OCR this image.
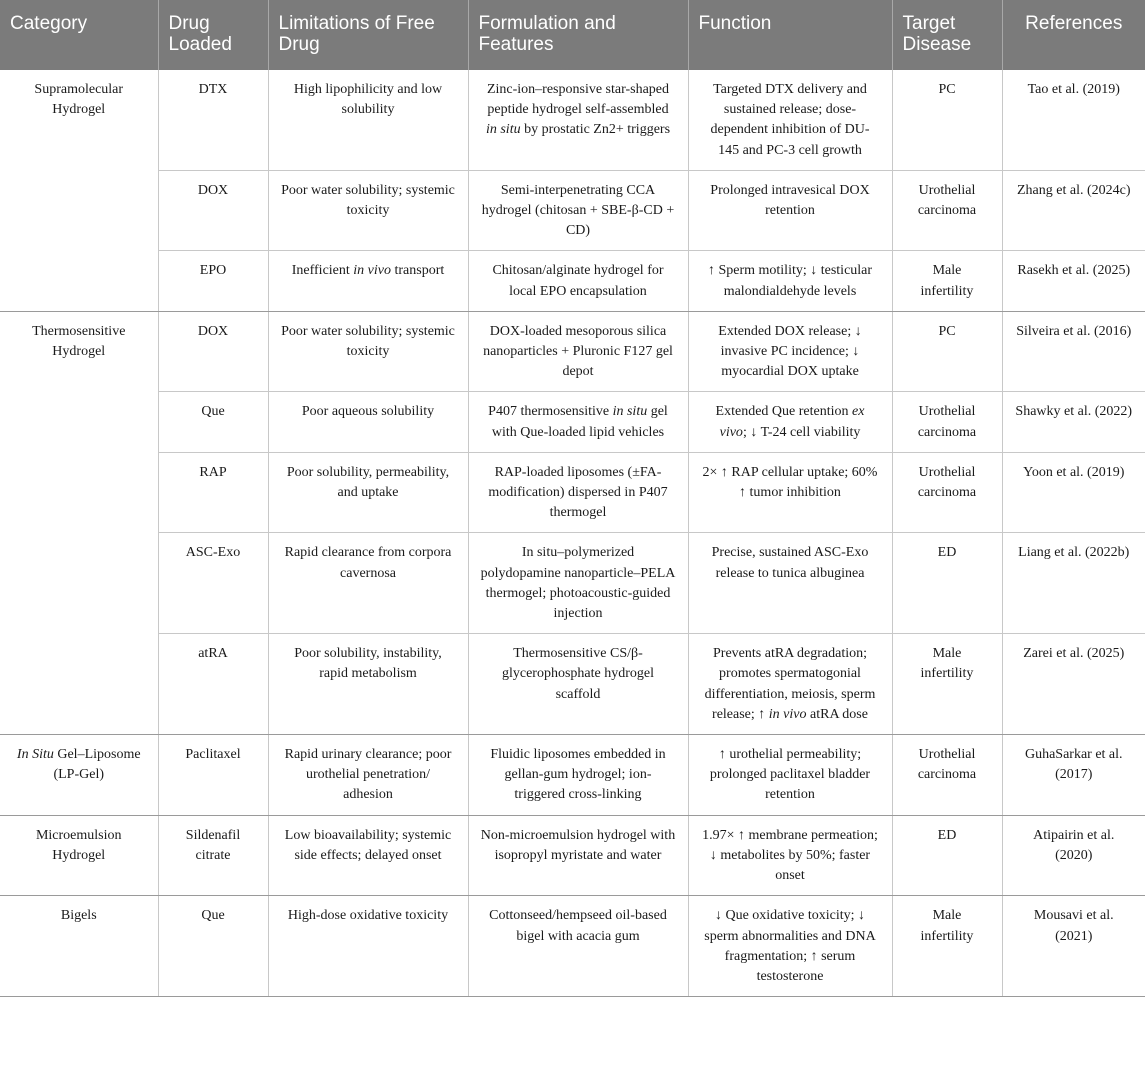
Category	Drug Loaded	Limitations of Free Drug	Formulation and Features	Function	Target Disease	References
Supramolecular Hydrogel	DTX	High lipophilicity and low solubility	Zinc-ion–responsive star-shaped peptide hydrogel self-assembled in situ by prostatic Zn2+ triggers	Targeted DTX delivery and sustained release; dose-dependent inhibition of DU-145 and PC-3 cell growth	PC	Tao et al. (2019)
	DOX	Poor water solubility; systemic toxicity	Semi-interpenetrating CCA hydrogel (chitosan + SBE-β-CD + CD)	Prolonged intravesical DOX retention	Urothelial carcinoma	Zhang et al. (2024c)
	EPO	Inefficient in vivo transport	Chitosan/alginate hydrogel for local EPO encapsulation	↑ Sperm motility; ↓ testicular malondialdehyde levels	Male infertility	Rasekh et al. (2025)
Thermosensitive Hydrogel	DOX	Poor water solubility; systemic toxicity	DOX-loaded mesoporous silica nanoparticles + Pluronic F127 gel depot	Extended DOX release; ↓ invasive PC incidence; ↓ myocardial DOX uptake	PC	Silveira et al. (2016)
	Que	Poor aqueous solubility	P407 thermosensitive in situ gel with Que-loaded lipid vehicles	Extended Que retention ex vivo; ↓ T-24 cell viability	Urothelial carcinoma	Shawky et al. (2022)
	RAP	Poor solubility, permeability, and uptake	RAP-loaded liposomes (±FA-modification) dispersed in P407 thermogel	2× ↑ RAP cellular uptake; 60% ↑ tumor inhibition	Urothelial carcinoma	Yoon et al. (2019)
	ASC-Exo	Rapid clearance from corpora cavernosa	In situ–polymerized polydopamine nanoparticle–PELA thermogel; photoacoustic-guided injection	Precise, sustained ASC-Exo release to tunica albuginea	ED	Liang et al. (2022b)
	atRA	Poor solubility, instability, rapid metabolism	Thermosensitive CS/β-glycerophosphate hydrogel scaffold	Prevents atRA degradation; promotes spermatogonial differentiation, meiosis, sperm release; ↑ in vivo atRA dose	Male infertility	Zarei et al. (2025)
In Situ Gel–Liposome (LP-Gel)	Paclitaxel	Rapid urinary clearance; poor urothelial penetration/ adhesion	Fluidic liposomes embedded in gellan-gum hydrogel; ion-triggered cross-linking	↑ urothelial permeability; prolonged paclitaxel bladder retention	Urothelial carcinoma	GuhaSarkar et al. (2017)
Microemulsion Hydrogel	Sildenafil citrate	Low bioavailability; systemic side effects; delayed onset	Non-microemulsion hydrogel with isopropyl myristate and water	1.97× ↑ membrane permeation; ↓ metabolites by 50%; faster onset	ED	Atipairin et al. (2020)
Bigels	Que	High-dose oxidative toxicity	Cottonseed/hempseed oil-based bigel with acacia gum	↓ Que oxidative toxicity; ↓ sperm abnormalities and DNA fragmentation; ↑ serum testosterone	Male infertility	Mousavi et al. (2021)
